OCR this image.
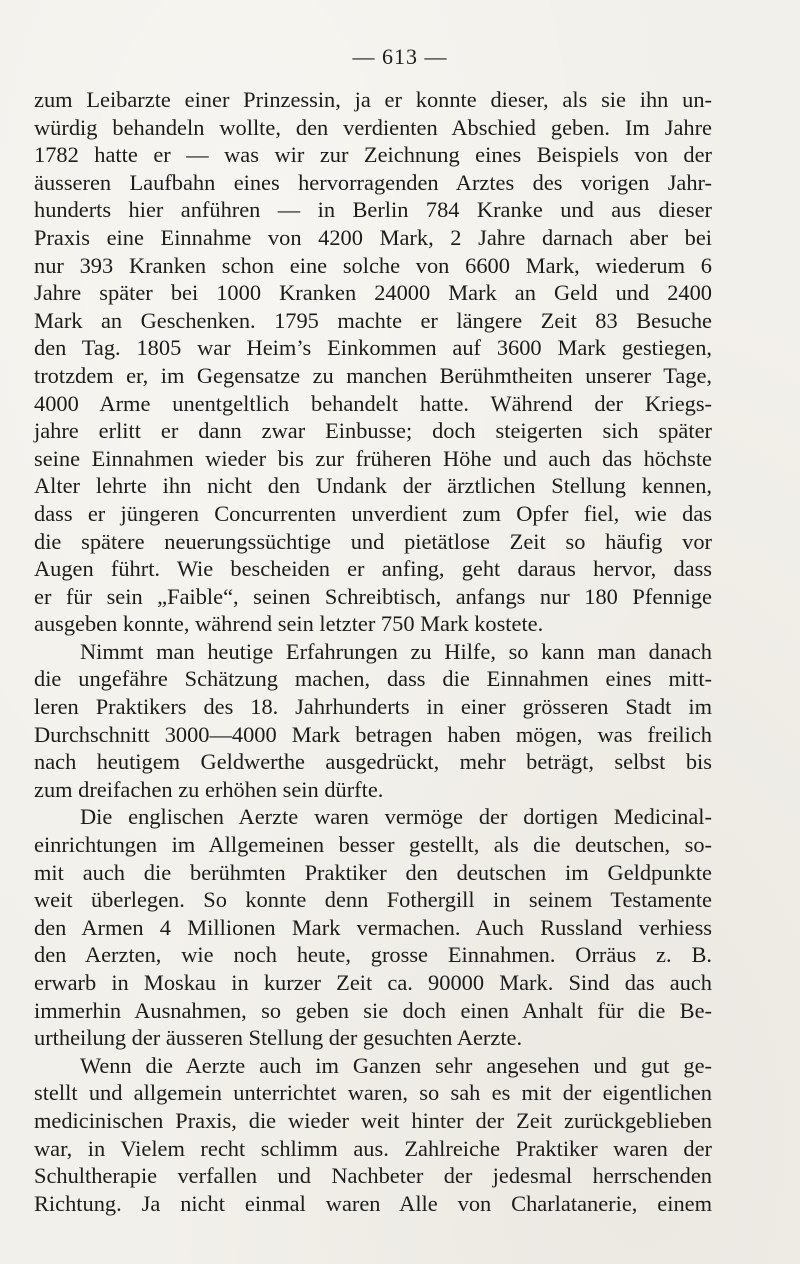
— 613 —
zum Leibarzte einer Prinzessin, ja er konnte dieser, als sie ihn un-
würdig behandeln wollte, den verdienten Abschied geben. Im Jahre
1782 hatte er — was wir zur Zeichnung eines Beispiels von der
äusseren Laufbahn eines hervorragenden Arztes des vorigen Jahr-
hunderts hier anführen — in Berlin 784 Kranke und aus dieser
Praxis eine Einnahme von 4200 Mark, 2 Jahre darnach aber bei
nur 393 Kranken schon eine solche von 6600 Mark, wiederum 6
Jahre später bei 1000 Kranken 24000 Mark an Geld und 2400
Mark an Geschenken. 1795 machte er längere Zeit 83 Besuche
den Tag. 1805 war Heim’s Einkommen auf 3600 Mark gestiegen,
trotzdem er, im Gegensatze zu manchen Berühmtheiten unserer Tage,
4000 Arme unentgeltlich behandelt hatte. Während der Kriegs-
jahre erlitt er dann zwar Einbusse; doch steigerten sich später
seine Einnahmen wieder bis zur früheren Höhe und auch das höchste
Alter lehrte ihn nicht den Undank der ärztlichen Stellung kennen,
dass er jüngeren Concurrenten unverdient zum Opfer fiel, wie das
die spätere neuerungssüchtige und pietätlose Zeit so häufig vor
Augen führt. Wie bescheiden er anfing, geht daraus hervor, dass
er für sein „Faible“, seinen Schreibtisch, anfangs nur 180 Pfennige
ausgeben konnte, während sein letzter 750 Mark kostete.
Nimmt man heutige Erfahrungen zu Hilfe, so kann man danach
die ungefähre Schätzung machen, dass die Einnahmen eines mitt-
leren Praktikers des 18. Jahrhunderts in einer grösseren Stadt im
Durchschnitt 3000—4000 Mark betragen haben mögen, was freilich
nach heutigem Geldwerthe ausgedrückt, mehr beträgt, selbst bis
zum dreifachen zu erhöhen sein dürfte.
Die englischen Aerzte waren vermöge der dortigen Medicinal-
einrichtungen im Allgemeinen besser gestellt, als die deutschen, so-
mit auch die berühmten Praktiker den deutschen im Geldpunkte
weit überlegen. So konnte denn Fothergill in seinem Testamente
den Armen 4 Millionen Mark vermachen. Auch Russland verhiess
den Aerzten, wie noch heute, grosse Einnahmen. Orräus z. B.
erwarb in Moskau in kurzer Zeit ca. 90000 Mark. Sind das auch
immerhin Ausnahmen, so geben sie doch einen Anhalt für die Be-
urtheilung der äusseren Stellung der gesuchten Aerzte.
Wenn die Aerzte auch im Ganzen sehr angesehen und gut ge-
stellt und allgemein unterrichtet waren, so sah es mit der eigentlichen
medicinischen Praxis, die wieder weit hinter der Zeit zurückgeblieben
war, in Vielem recht schlimm aus. Zahlreiche Praktiker waren der
Schultherapie verfallen und Nachbeter der jedesmal herrschenden
Richtung. Ja nicht einmal waren Alle von Charlatanerie, einem
